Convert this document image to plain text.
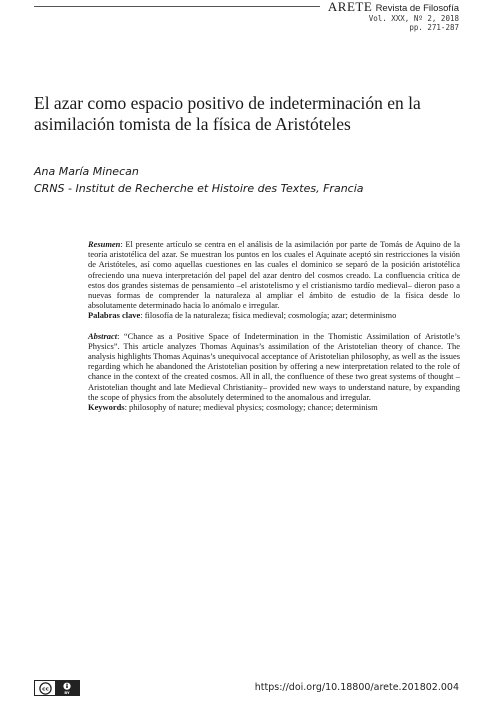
ARETE Revista de Filosofía
Vol. XXX, Nº 2, 2018
pp. 271-287
El azar como espacio positivo de indeterminación en la asimilación tomista de la física de Aristóteles
Ana María Minecan
CRNS - Institut de Recherche et Histoire des Textes, Francia

Resumen: El presente artículo se centra en el análisis de la asimilación por parte de Tomás de Aquino de la teoría aristotélica del azar. Se muestran los puntos en los cuales el Aquinate aceptó sin restricciones la visión de Aristóteles, así como aquellas cuestiones en las cuales el dominico se separó de la posición aristotélica ofreciendo una nueva interpretación del papel del azar dentro del cosmos creado. La confluencia crítica de estos dos grandes sistemas de pensamiento –el aristotelismo y el cristianismo tardío medieval– dieron paso a nuevas formas de comprender la naturaleza al ampliar el ámbito de estudio de la física desde lo absolutamente determinado hacia lo anómalo e irregular.

Palabras clave: filosofía de la naturaleza; física medieval; cosmología; azar; determinismo

Abstract: “Chance as a Positive Space of Indetermination in the Thomistic Assimilation of Aristotle’s Physics”. This article analyzes Thomas Aquinas’s assimilation of the Aristotelian theory of chance. The analysis highlights Thomas Aquinas’s unequivocal acceptance of Aristotelian philosophy, as well as the issues regarding which he abandoned the Aristotelian position by offering a new interpretation related to the role of chance in the context of the created cosmos. All in all, the confluence of these two great systems of thought –Aristotelian thought and late Medieval Christianity– provided new ways to understand nature, by expanding the scope of physics from the absolutely determined to the anomalous and irregular.

Keywords: philosophy of nature; medieval physics; cosmology; chance; determinism

cc
BY	https://doi.org/10.18800/arete.201802.004
